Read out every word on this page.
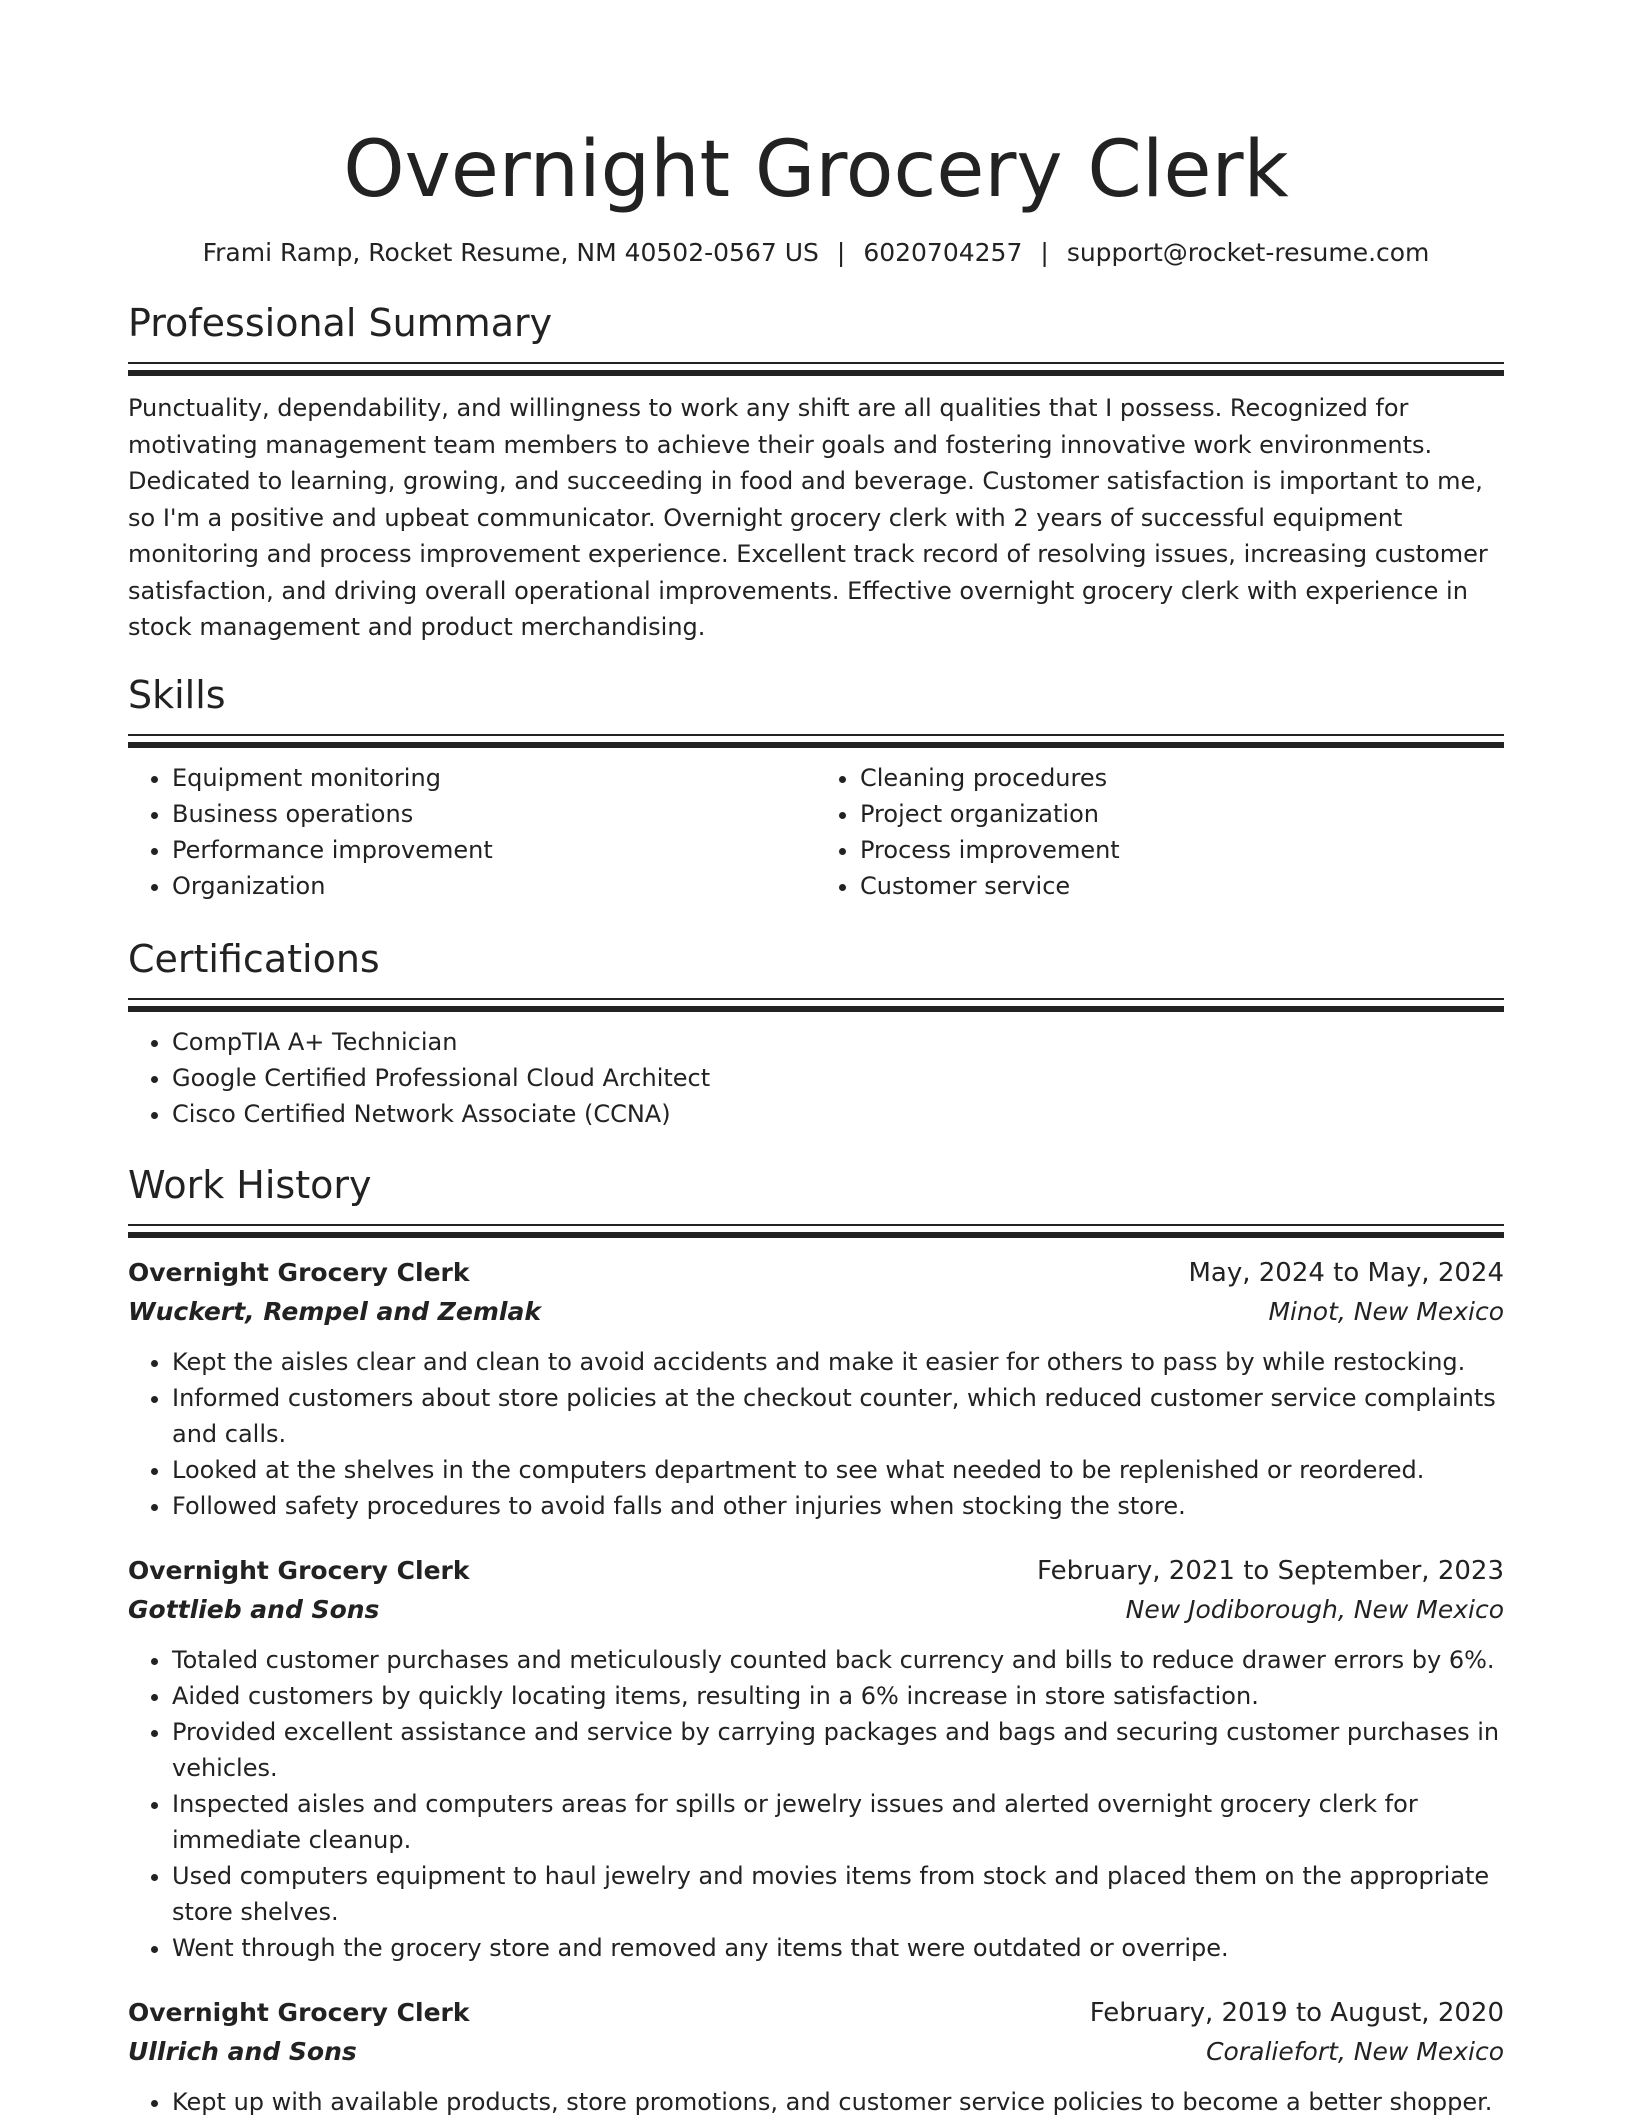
Overnight Grocery Clerk
Frami Ramp, Rocket Resume, NM 40502-0567 US | 6020704257 | support@rocket-resume.com
Professional Summary

Punctuality, dependability, and willingness to work any shift are all qualities that I possess. Recognized for motivating management team members to achieve their goals and fostering innovative work environments. Dedicated to learning, growing, and succeeding in food and beverage. Customer satisfaction is important to me, so I'm a positive and upbeat communicator. Overnight grocery clerk with 2 years of successful equipment monitoring and process improvement experience. Excellent track record of resolving issues, increasing customer satisfaction, and driving overall operational improvements. Effective overnight grocery clerk with experience in stock management and product merchandising.

Skills
• Equipment monitoring
• Business operations
• Performance improvement
• Organization
• Cleaning procedures
• Project organization
• Process improvement
• Customer service
Certifications
• CompTIA A+ Technician
• Google Certified Professional Cloud Architect
• Cisco Certified Network Associate (CCNA)
Work History
Overnight Grocery Clerk	May, 2024 to May, 2024
Wuckert, Rempel and Zemlak	Minot, New Mexico
• Kept the aisles clear and clean to avoid accidents and make it easier for others to pass by while restocking.
• Informed customers about store policies at the checkout counter, which reduced customer service complaints and calls.
• Looked at the shelves in the computers department to see what needed to be replenished or reordered.
• Followed safety procedures to avoid falls and other injuries when stocking the store.
Overnight Grocery Clerk	February, 2021 to September, 2023
Gottlieb and Sons	New Jodiborough, New Mexico
• Totaled customer purchases and meticulously counted back currency and bills to reduce drawer errors by 6%.
• Aided customers by quickly locating items, resulting in a 6% increase in store satisfaction.
• Provided excellent assistance and service by carrying packages and bags and securing customer purchases in vehicles.
• Inspected aisles and computers areas for spills or jewelry issues and alerted overnight grocery clerk for immediate cleanup.
• Used computers equipment to haul jewelry and movies items from stock and placed them on the appropriate store shelves.
• Went through the grocery store and removed any items that were outdated or overripe.
Overnight Grocery Clerk	February, 2019 to August, 2020
Ullrich and Sons	Coraliefort, New Mexico
• Kept up with available products, store promotions, and customer service policies to become a better shopper.
